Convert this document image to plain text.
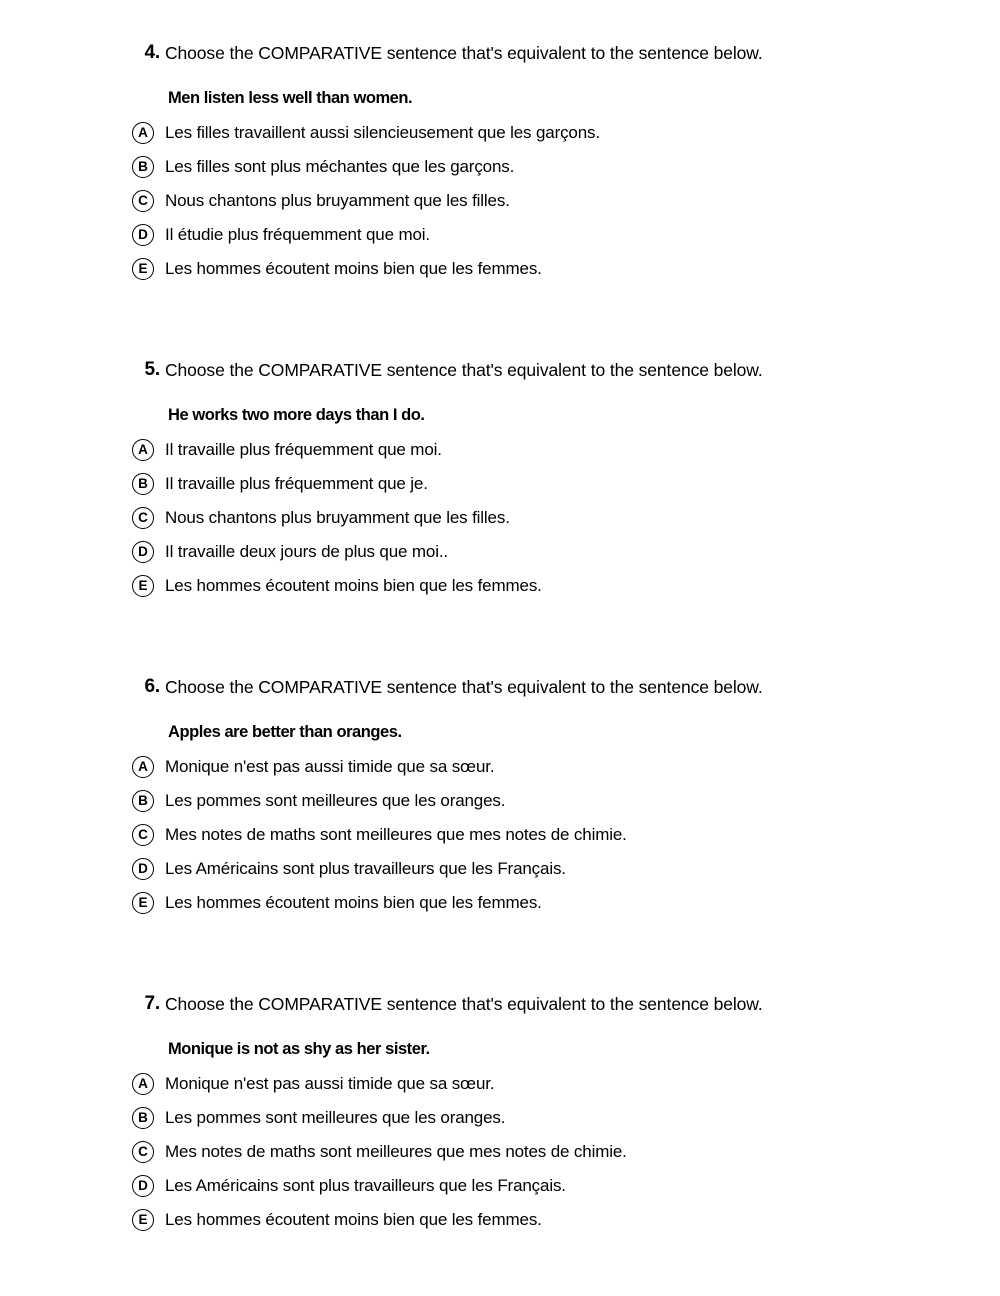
4. Choose the COMPARATIVE sentence that's equivalent to the sentence below.
Men listen less well than women.
A	Les filles travaillent aussi silencieusement que les garçons.
B	Les filles sont plus méchantes que les garçons.
C	Nous chantons plus bruyamment que les filles.
D	Il étudie plus fréquemment que moi.
E	Les hommes écoutent moins bien que les femmes.
5. Choose the COMPARATIVE sentence that's equivalent to the sentence below.
He works two more days than I do.
A	Il travaille plus fréquemment que moi.
B	Il travaille plus fréquemment que je.
C	Nous chantons plus bruyamment que les filles.
D	Il travaille deux jours de plus que moi..
E	Les hommes écoutent moins bien que les femmes.
6. Choose the COMPARATIVE sentence that's equivalent to the sentence below.
Apples are better than oranges.
A	Monique n'est pas aussi timide que sa sœur.
B	Les pommes sont meilleures que les oranges.
C	Mes notes de maths sont meilleures que mes notes de chimie.
D	Les Américains sont plus travailleurs que les Français.
E	Les hommes écoutent moins bien que les femmes.
7. Choose the COMPARATIVE sentence that's equivalent to the sentence below.
Monique is not as shy as her sister.
A	Monique n'est pas aussi timide que sa sœur.
B	Les pommes sont meilleures que les oranges.
C	Mes notes de maths sont meilleures que mes notes de chimie.
D	Les Américains sont plus travailleurs que les Français.
E	Les hommes écoutent moins bien que les femmes.
